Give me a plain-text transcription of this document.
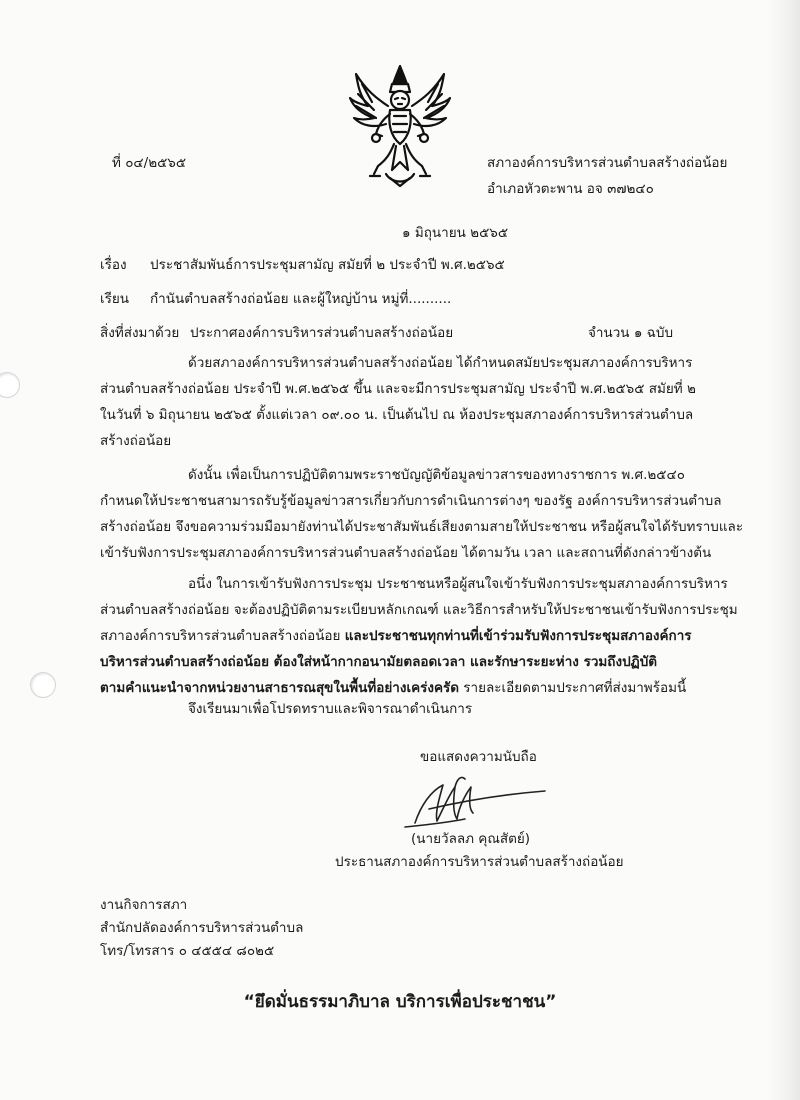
ที่ ๐๔/๒๕๖๕	สภาองค์การบริหารส่วนตำบลสร้างถ่อน้อย
อำเภอหัวตะพาน อจ ๓๗๒๔๐
๑ มิถุนายน ๒๕๖๕
เรื่อง ประชาสัมพันธ์การประชุมสามัญ สมัยที่ ๒ ประจำปี พ.ศ.๒๕๖๕
เรียน กำนันตำบลสร้างถ่อน้อย และผู้ใหญ่บ้าน หมู่ที่..........
สิ่งที่ส่งมาด้วย ประกาศองค์การบริหารส่วนตำบลสร้างถ่อน้อย	จำนวน ๑ ฉบับ
ด้วยสภาองค์การบริหารส่วนตำบลสร้างถ่อน้อย ได้กำหนดสมัยประชุมสภาองค์การบริหาร
ส่วนตำบลสร้างถ่อน้อย ประจำปี พ.ศ.๒๕๖๕ ขึ้น และจะมีการประชุมสามัญ ประจำปี พ.ศ.๒๕๖๕ สมัยที่ ๒
ในวันที่ ๖ มิถุนายน ๒๕๖๕ ตั้งแต่เวลา ๐๙.๐๐ น. เป็นต้นไป ณ ห้องประชุมสภาองค์การบริหารส่วนตำบล
สร้างถ่อน้อย
ดังนั้น เพื่อเป็นการปฏิบัติตามพระราชบัญญัติข้อมูลข่าวสารของทางราชการ พ.ศ.๒๕๔๐
กำหนดให้ประชาชนสามารถรับรู้ข้อมูลข่าวสารเกี่ยวกับการดำเนินการต่างๆ ของรัฐ องค์การบริหารส่วนตำบล
สร้างถ่อน้อย จึงขอความร่วมมือมายังท่านได้ประชาสัมพันธ์เสียงตามสายให้ประชาชน หรือผู้สนใจได้รับทราบและ
เข้ารับฟังการประชุมสภาองค์การบริหารส่วนตำบลสร้างถ่อน้อย ได้ตามวัน เวลา และสถานที่ดังกล่าวข้างต้น
อนึ่ง ในการเข้ารับฟังการประชุม ประชาชนหรือผู้สนใจเข้ารับฟังการประชุมสภาองค์การบริหาร
ส่วนตำบลสร้างถ่อน้อย จะต้องปฏิบัติตามระเบียบหลักเกณฑ์ และวิธีการสำหรับให้ประชาชนเข้ารับฟังการประชุม
สภาองค์การบริหารส่วนตำบลสร้างถ่อน้อย และประชาชนทุกท่านที่เข้าร่วมรับฟังการประชุมสภาองค์การ
บริหารส่วนตำบลสร้างถ่อน้อย ต้องใส่หน้ากากอนามัยตลอดเวลา และรักษาระยะห่าง รวมถึงปฏิบัติ
ตามคำแนะนำจากหน่วยงานสาธารณสุขในพื้นที่อย่างเคร่งครัด รายละเอียดตามประกาศที่ส่งมาพร้อมนี้
จึงเรียนมาเพื่อโปรดทราบและพิจารณาดำเนินการ
ขอแสดงความนับถือ
(นายวัลลภ คุณสัตย์)
ประธานสภาองค์การบริหารส่วนตำบลสร้างถ่อน้อย
งานกิจการสภา
สำนักปลัดองค์การบริหารส่วนตำบล
โทร/โทรสาร ๐ ๔๕๕๔ ๘๐๒๕
“ยึดมั่นธรรมาภิบาล บริการเพื่อประชาชน”
